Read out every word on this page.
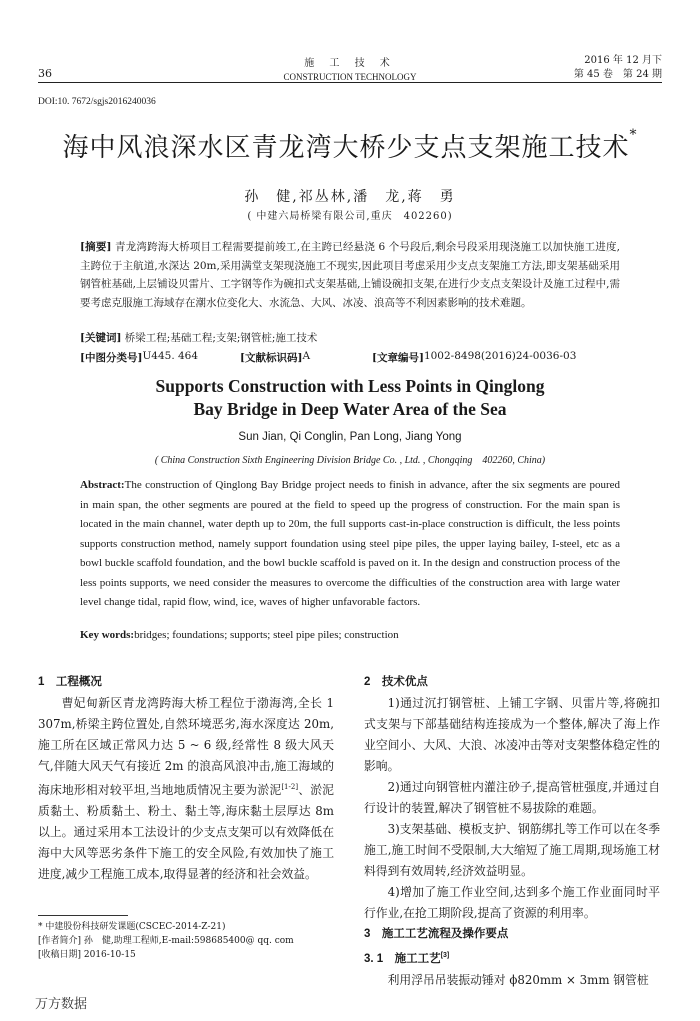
36
施 工 技 术
CONSTRUCTION TECHNOLOGY
2016 年 12 月下
第 45 卷　第 24 期
DOI:10. 7672/sgjs2016240036
海中风浪深水区青龙湾大桥少支点支架施工技术*
孙　健,祁丛林,潘　龙,蒋　勇
( 中建六局桥梁有限公司,重庆　402260)
[摘要] 青龙湾跨海大桥项目工程需要提前竣工,在主跨已经悬浇 6 个号段后,剩余号段采用现浇施工以加快施工进度,主跨位于主航道,水深达 20m,采用满堂支架现浇施工不现实,因此项目考虑采用少支点支架施工方法,即支架基础采用钢管桩基础,上层铺设贝雷片、工字钢等作为碗扣式支架基础,上铺设碗扣支架,在进行少支点支架设计及施工过程中,需要考虑克服施工海域存在潮水位变化大、水流急、大风、冰凌、浪高等不利因素影响的技术难题。
[关键词] 桥梁工程;基础工程;支架;钢管桩;施工技术
[中图分类号] U445. 464	[文献标识码] A	[文章编号] 1002-8498(2016)24-0036-03
Supports Construction with Less Points in Qinglong
Bay Bridge in Deep Water Area of the Sea
Sun Jian, Qi Conglin, Pan Long, Jiang Yong
( China Construction Sixth Engineering Division Bridge Co. , Ltd. , Chongqing　402260, China)
Abstract:The construction of Qinglong Bay Bridge project needs to finish in advance, after the six segments are poured in main span, the other segments are poured at the field to speed up the progress of construction. For the main span is located in the main channel, water depth up to 20m, the full supports cast-in-place construction is difficult, the less points supports construction method, namely support foundation using steel pipe piles, the upper laying bailey, I-steel, etc as a bowl buckle scaffold foundation, and the bowl buckle scaffold is paved on it. In the design and construction process of the less points supports, we need consider the measures to overcome the difficulties of the construction area with large water level change tidal, rapid flow, wind, ice, waves of higher unfavorable factors.
Key words:bridges; foundations; supports; steel pipe piles; construction
1　工程概况

曹妃甸新区青龙湾跨海大桥工程位于渤海湾,全长 1 307m,桥梁主跨位置处,自然环境恶劣,海水深度达 20m,施工所在区域正常风力达 5 ~ 6 级,经常性 8 级大风天气,伴随大风天气有接近 2m 的浪高风浪冲击,施工海域的海床地形相对较平坦,当地地质情况主要为淤泥[1-2]、淤泥质黏土、粉质黏土、粉土、黏土等,海床黏土层厚达 8m 以上。通过采用本工法设计的少支点支架可以有效降低在海中大风等恶劣条件下施工的安全风险,有效加快了施工进度,减少工程施工成本,取得显著的经济和社会效益。

2　技术优点

1)通过沉打钢管桩、上铺工字钢、贝雷片等,将碗扣式支架与下部基础结构连接成为一个整体,解决了海上作业空间小、大风、大浪、冰凌冲击等对支架整体稳定性的影响。

2)通过向钢管桩内灌注砂子,提高管桩强度,并通过自行设计的装置,解决了钢管桩不易拔除的难题。

3)支架基础、模板支护、钢筋绑扎等工作可以在冬季施工,施工时间不受限制,大大缩短了施工周期,现场施工材料得到有效周转,经济效益明显。

4)增加了施工作业空间,达到多个施工作业面同时平行作业,在抢工期阶段,提高了资源的利用率。

3　施工工艺流程及操作要点
3. 1　施工工艺[3]

利用浮吊吊装振动锤对 ϕ820mm × 3mm 钢管桩

* 中建股份科技研发课题(CSCEC-2014-Z-21)
[作者简介] 孙　健,助理工程师,E-mail:598685400@ qq. com
[收稿日期] 2016-10-15
万方数据
